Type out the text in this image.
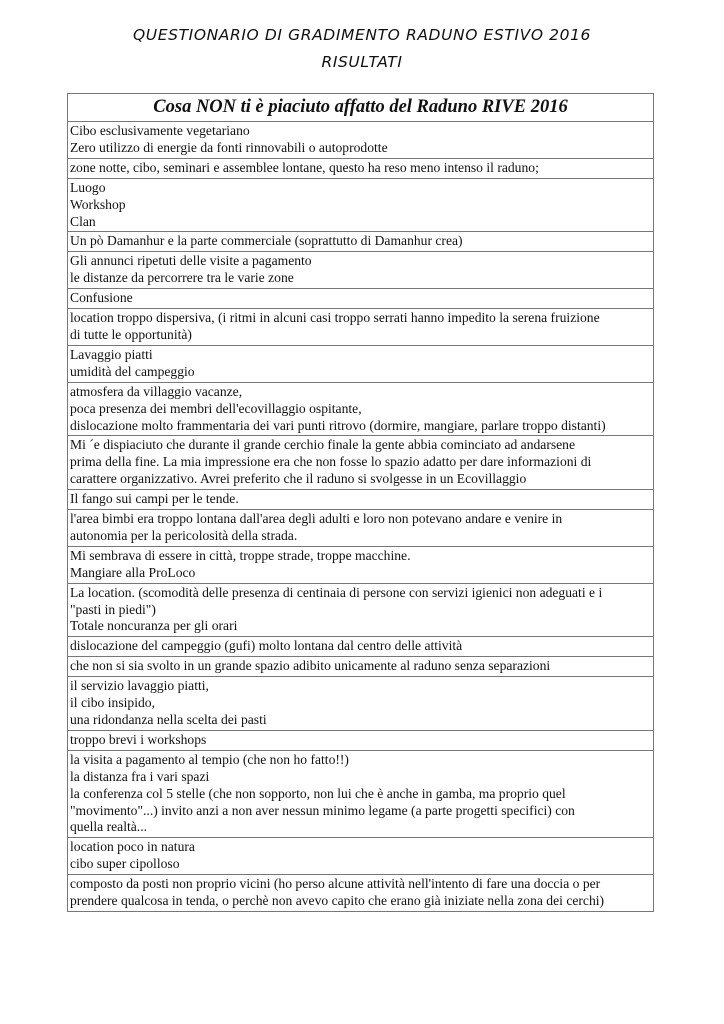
QUESTIONARIO DI GRADIMENTO RADUNO ESTIVO 2016
RISULTATI
Cosa NON ti è piaciuto affatto del Raduno RIVE 2016

Cibo esclusivamente vegetariano
Zero utilizzo di energie da fonti rinnovabili o autoprodotte

zone notte, cibo, seminari e assemblee lontane, questo ha reso meno intenso il raduno;

Luogo
Workshop
Clan

Un pò Damanhur e la parte commerciale (soprattutto di Damanhur crea)

Gli annunci ripetuti delle visite a pagamento
le distanze da percorrere tra le varie zone

Confusione

location troppo dispersiva, (i ritmi in alcuni casi troppo serrati hanno impedito la serena fruizione
di tutte le opportunità)

Lavaggio piatti
umidità del campeggio

atmosfera da villaggio vacanze,
poca presenza dei membri dell'ecovillaggio ospitante,
dislocazione molto frammentaria dei vari punti ritrovo (dormire, mangiare, parlare troppo distanti)

Mi ´e dispiaciuto che durante il grande cerchio finale la gente abbia cominciato ad andarsene
prima della fine. La mia impressione era che non fosse lo spazio adatto per dare informazioni di
carattere organizzativo. Avrei preferito che il raduno si svolgesse in un Ecovillaggio

Il fango sui campi per le tende.

l'area bimbi era troppo lontana dall'area degli adulti e loro non potevano andare e venire in
autonomia per la pericolosità della strada.

Mi sembrava di essere in città, troppe strade, troppe macchine.
Mangiare alla ProLoco

La location. (scomodità delle presenza di centinaia di persone con servizi igienici non adeguati e i
"pasti in piedi")
Totale noncuranza per gli orari

dislocazione del campeggio (gufi) molto lontana dal centro delle attività

che non si sia svolto in un grande spazio adibito unicamente al raduno senza separazioni

il servizio lavaggio piatti,
il cibo insipido,
una ridondanza nella scelta dei pasti

troppo brevi i workshops

la visita a pagamento al tempio (che non ho fatto!!)
la distanza fra i vari spazi
la conferenza col 5 stelle (che non sopporto, non lui che è anche in gamba, ma proprio quel
"movimento"...) invito anzi a non aver nessun minimo legame (a parte progetti specifici) con
quella realtà...

location poco in natura
cibo super cipolloso

composto da posti non proprio vicini (ho perso alcune attività nell'intento di fare una doccia o per
prendere qualcosa in tenda, o perchè non avevo capito che erano già iniziate nella zona dei cerchi)
